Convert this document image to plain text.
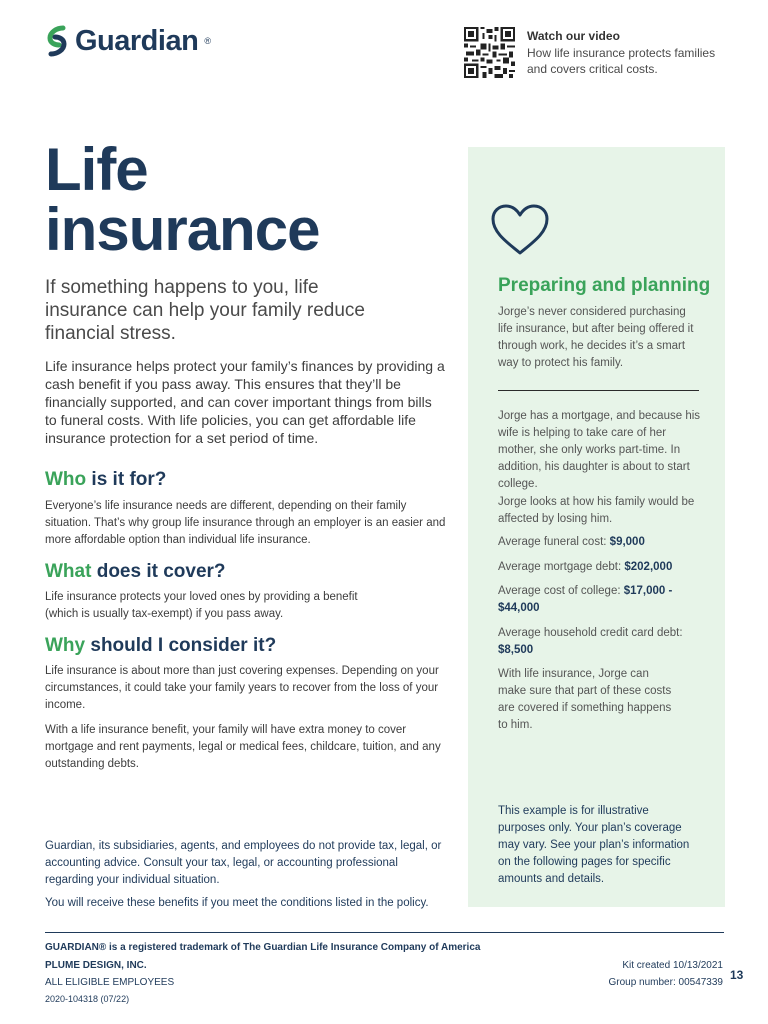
Guardian ®	Watch our video
How life insurance protects families and covers critical costs.
Life
insurance
If something happens to you, life insurance can help your family reduce financial stress.
Life insurance helps protect your family’s finances by providing a cash benefit if you pass away. This ensures that they’ll be financially supported, and can cover important things from bills to funeral costs. With life policies, you can get affordable life insurance protection for a set period of time.
Who is it for?

Everyone’s life insurance needs are different, depending on their family situation. That’s why group life insurance through an employer is an easier and more affordable option than individual life insurance.

What does it cover?

Life insurance protects your loved ones by providing a benefit (which is usually tax-exempt) if you pass away.

Why should I consider it?

Life insurance is about more than just covering expenses. Depending on your circumstances, it could take your family years to recover from the loss of your income.

With a life insurance benefit, your family will have extra money to cover mortgage and rent payments, legal or medical fees, childcare, tuition, and any outstanding debts.

Guardian, its subsidiaries, agents, and employees do not provide tax, legal, or accounting advice. Consult your tax, legal, or accounting professional regarding your individual situation.
You will receive these benefits if you meet the conditions listed in the policy.
Preparing and planning
Jorge’s never considered purchasing life insurance, but after being offered it through work, he decides it’s a smart way to protect his family.

Jorge has a mortgage, and because his wife is helping to take care of her mother, she only works part-time. In addition, his daughter is about to start college.

Jorge looks at how his family would be affected by losing him.

Average funeral cost: $9,000

Average mortgage debt: $202,000

Average cost of college: $17,000 - $44,000

Average household credit card debt: $8,500

With life insurance, Jorge can make sure that part of these costs are covered if something happens to him.

This example is for illustrative purposes only. Your plan’s coverage may vary. See your plan’s information on the following pages for specific amounts and details.
GUARDIAN® is a registered trademark of The Guardian Life Insurance Company of America
PLUME DESIGN, INC.
ALL ELIGIBLE EMPLOYEES
2020-104318 (07/22)
Kit created 10/13/2021
Group number: 00547339
13
